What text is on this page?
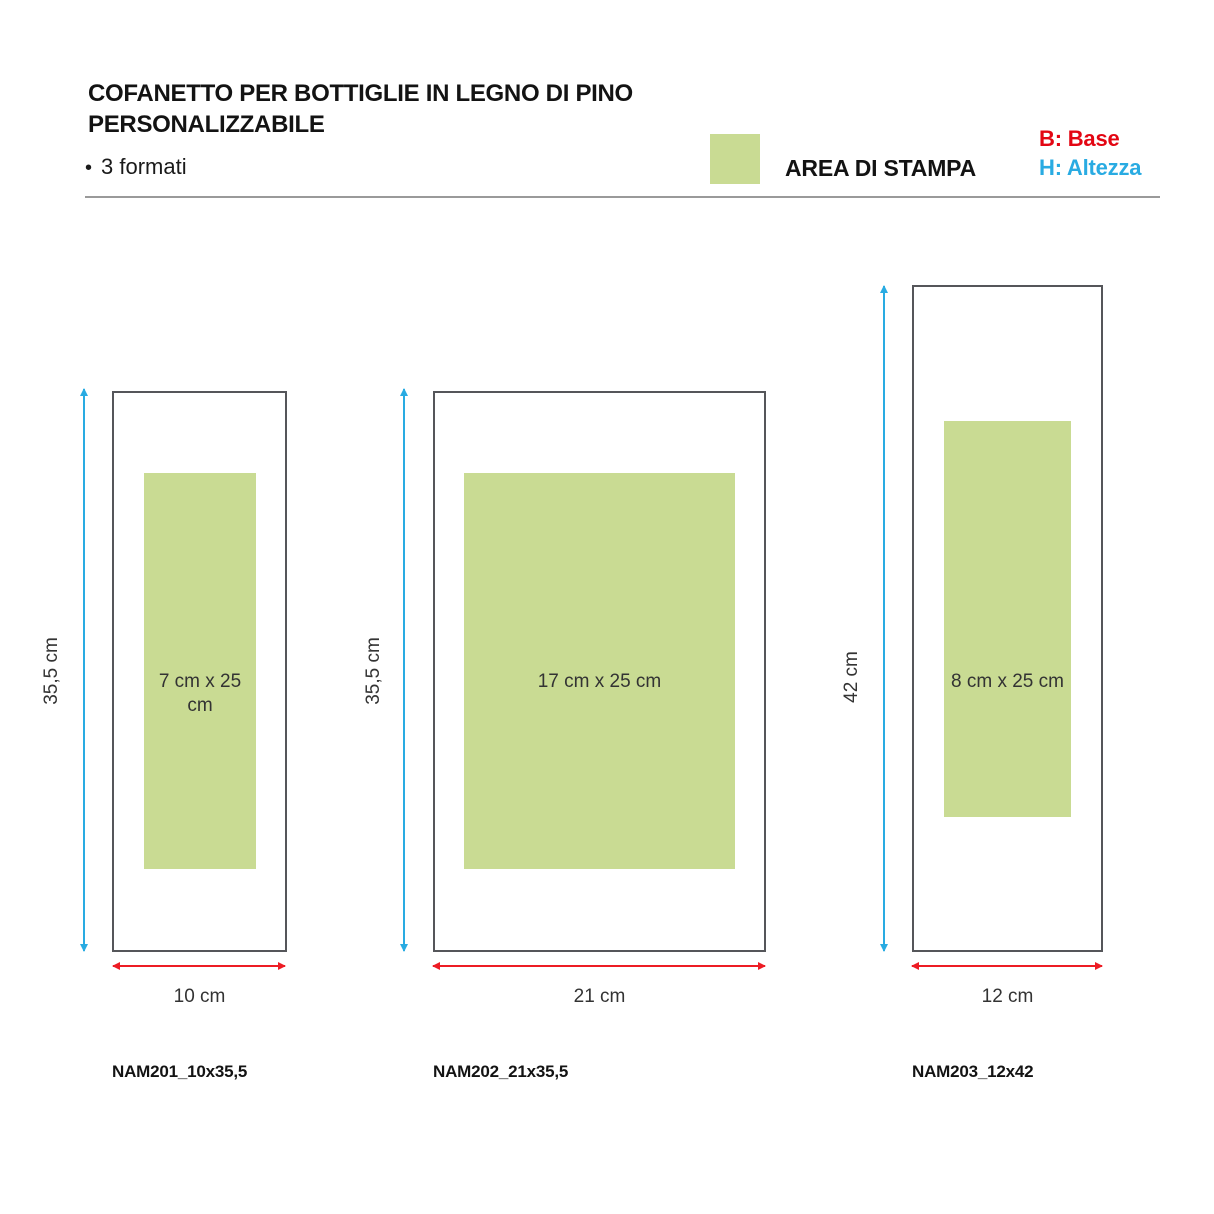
COFANETTO PER BOTTIGLIE IN LEGNO DI PINO
PERSONALIZZABILE
• 3 formati	AREA DI STAMPA
B: Base
H: Altezza
35,5 cm	7 cm x 25 cm
10 cm
NAM201_10x35,5
35,5 cm	17 cm x 25 cm
21 cm
NAM202_21x35,5
42 cm	8 cm x 25 cm
12 cm
NAM203_12x42
